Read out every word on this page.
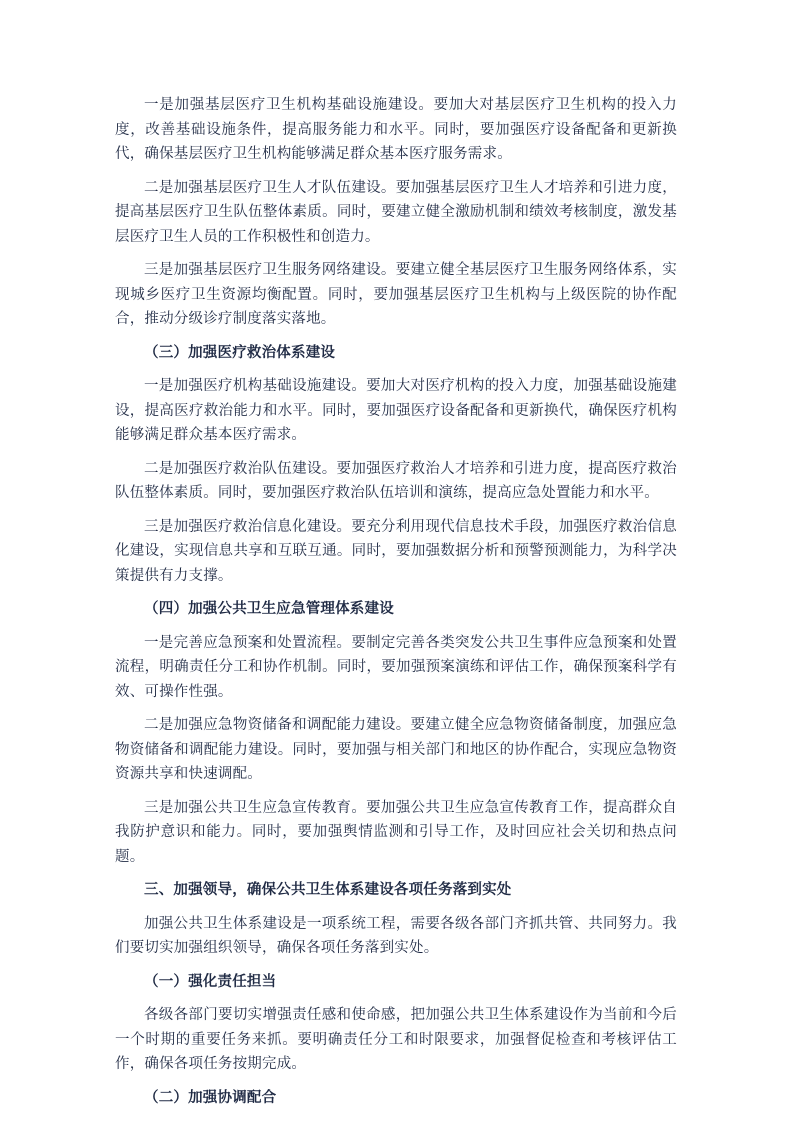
一是加强基层医疗卫生机构基础设施建设。要加大对基层医疗卫生机构的投入力度，改善基础设施条件，提高服务能力和水平。同时，要加强医疗设备配备和更新换代，确保基层医疗卫生机构能够满足群众基本医疗服务需求。

二是加强基层医疗卫生人才队伍建设。要加强基层医疗卫生人才培养和引进力度，提高基层医疗卫生队伍整体素质。同时，要建立健全激励机制和绩效考核制度，激发基层医疗卫生人员的工作积极性和创造力。

三是加强基层医疗卫生服务网络建设。要建立健全基层医疗卫生服务网络体系，实现城乡医疗卫生资源均衡配置。同时，要加强基层医疗卫生机构与上级医院的协作配合，推动分级诊疗制度落实落地。

（三）加强医疗救治体系建设

一是加强医疗机构基础设施建设。要加大对医疗机构的投入力度，加强基础设施建设，提高医疗救治能力和水平。同时，要加强医疗设备配备和更新换代，确保医疗机构能够满足群众基本医疗需求。

二是加强医疗救治队伍建设。要加强医疗救治人才培养和引进力度，提高医疗救治队伍整体素质。同时，要加强医疗救治队伍培训和演练，提高应急处置能力和水平。

三是加强医疗救治信息化建设。要充分利用现代信息技术手段，加强医疗救治信息化建设，实现信息共享和互联互通。同时，要加强数据分析和预警预测能力，为科学决策提供有力支撑。

（四）加强公共卫生应急管理体系建设

一是完善应急预案和处置流程。要制定完善各类突发公共卫生事件应急预案和处置流程，明确责任分工和协作机制。同时，要加强预案演练和评估工作，确保预案科学有效、可操作性强。

二是加强应急物资储备和调配能力建设。要建立健全应急物资储备制度，加强应急物资储备和调配能力建设。同时，要加强与相关部门和地区的协作配合，实现应急物资资源共享和快速调配。

三是加强公共卫生应急宣传教育。要加强公共卫生应急宣传教育工作，提高群众自我防护意识和能力。同时，要加强舆情监测和引导工作，及时回应社会关切和热点问题。

三、加强领导，确保公共卫生体系建设各项任务落到实处

加强公共卫生体系建设是一项系统工程，需要各级各部门齐抓共管、共同努力。我们要切实加强组织领导，确保各项任务落到实处。

（一）强化责任担当

各级各部门要切实增强责任感和使命感，把加强公共卫生体系建设作为当前和今后一个时期的重要任务来抓。要明确责任分工和时限要求，加强督促检查和考核评估工作，确保各项任务按期完成。

（二）加强协调配合
